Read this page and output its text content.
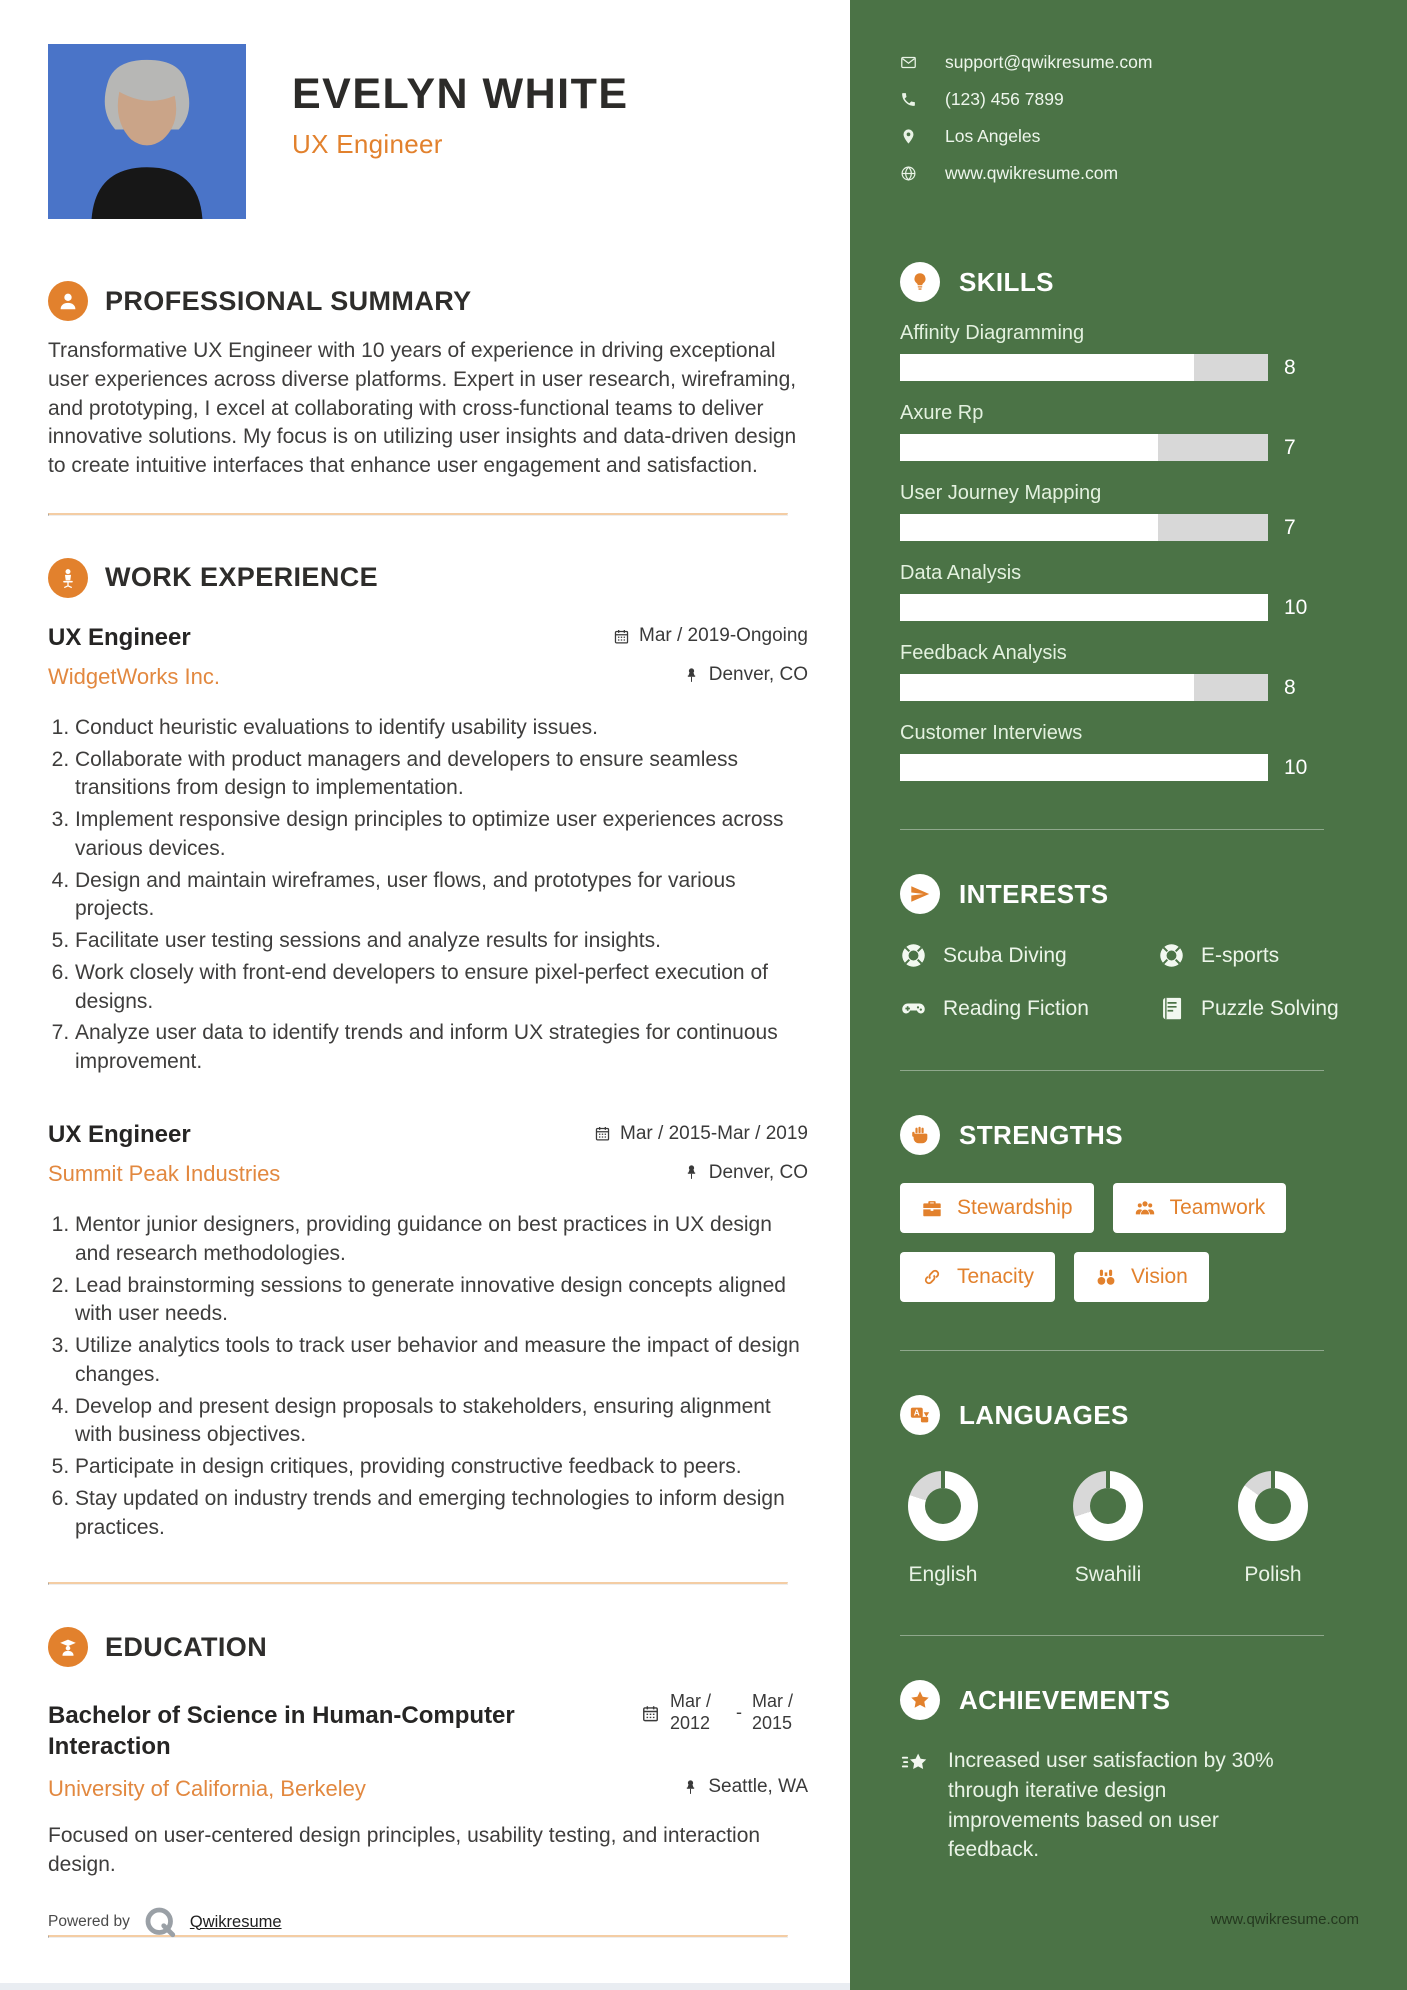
EVELYN WHITE
UX Engineer
PROFESSIONAL SUMMARY

Transformative UX Engineer with 10 years of experience in driving exceptional user experiences across diverse platforms. Expert in user research, wireframing, and prototyping, I excel at collaborating with cross-functional teams to deliver innovative solutions. My focus is on utilizing user insights and data-driven design to create intuitive interfaces that enhance user engagement and satisfaction.

WORK EXPERIENCE
UX Engineer	Mar / 2019-Ongoing
WidgetWorks Inc.	Denver, CO
1. Conduct heuristic evaluations to identify usability issues.
2. Collaborate with product managers and developers to ensure seamless transitions from design to implementation.
3. Implement responsive design principles to optimize user experiences across various devices.
4. Design and maintain wireframes, user flows, and prototypes for various projects.
5. Facilitate user testing sessions and analyze results for insights.
6. Work closely with front-end developers to ensure pixel-perfect execution of designs.
7. Analyze user data to identify trends and inform UX strategies for continuous improvement.
UX Engineer	Mar / 2015-Mar / 2019
Summit Peak Industries	Denver, CO
1. Mentor junior designers, providing guidance on best practices in UX design and research methodologies.
2. Lead brainstorming sessions to generate innovative design concepts aligned with user needs.
3. Utilize analytics tools to track user behavior and measure the impact of design changes.
4. Develop and present design proposals to stakeholders, ensuring alignment with business objectives.
5. Participate in design critiques, providing constructive feedback to peers.
6. Stay updated on industry trends and emerging technologies to inform design practices.
EDUCATION
Bachelor of Science in Human-Computer Interaction
Mar / 2012
-
Mar / 2015
University of California, Berkeley	Seattle, WA

Focused on user-centered design principles, usability testing, and interaction design.

Powered by	Qwikresume
support@qwikresume.com
(123) 456 7899
Los Angeles
www.qwikresume.com
SKILLS
Affinity Diagramming
8
Axure Rp
7
User Journey Mapping
7
Data Analysis
10
Feedback Analysis
8
Customer Interviews
10
INTERESTS
Scuba Diving	E-sports
Reading Fiction	Puzzle Solving
STRENGTHS
Stewardship	Teamwork
Tenacity	Vision
A LANGUAGES
English	Swahili	Polish
ACHIEVEMENTS
Increased user satisfaction by 30% through iterative design improvements based on user feedback.
www.qwikresume.com
